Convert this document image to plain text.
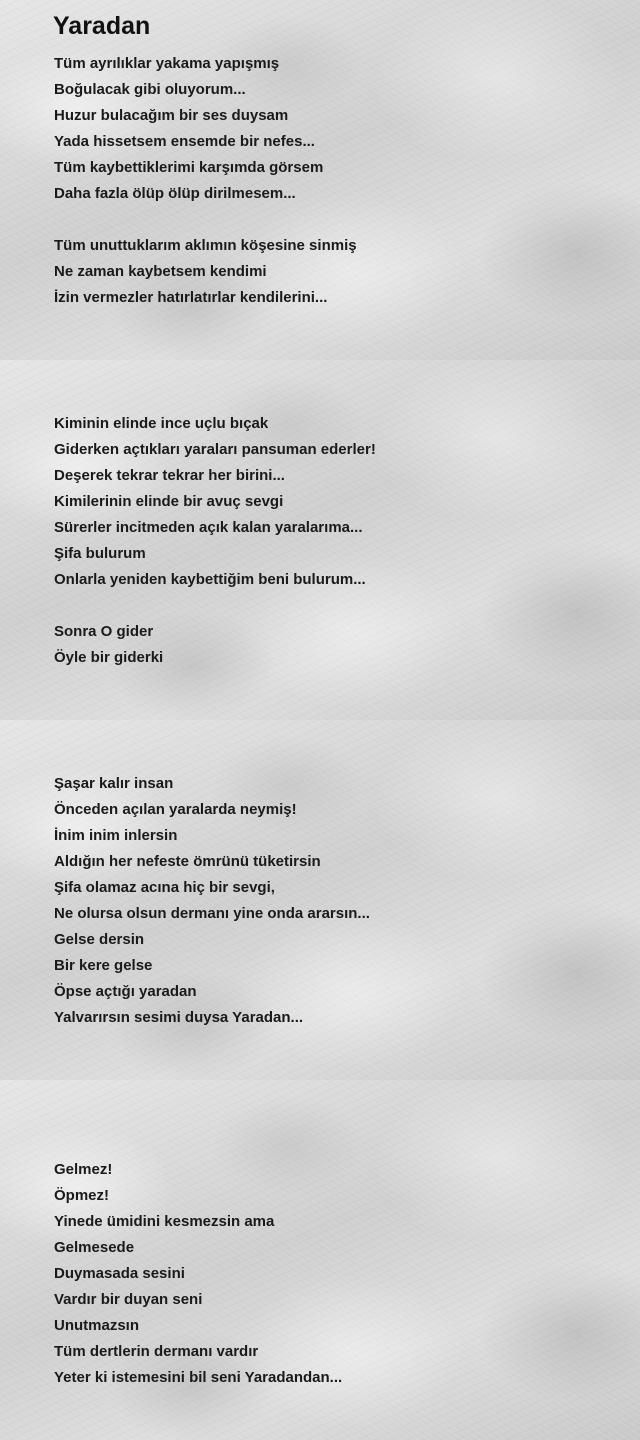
Yaradan
Tüm ayrılıklar yakama yapışmış
Boğulacak gibi oluyorum...
Huzur bulacağım bir ses duysam
Yada hissetsem ensemde bir nefes...
Tüm kaybettiklerimi karşımda görsem
Daha fazla ölüp ölüp dirilmesem...
Tüm unuttuklarım aklımın köşesine sinmiş
Ne zaman kaybetsem kendimi
İzin vermezler hatırlatırlar kendilerini...
Kiminin elinde ince uçlu bıçak
Giderken açtıkları yaraları pansuman ederler!
Deşerek tekrar tekrar her birini...
Kimilerinin elinde bir avuç sevgi
Sürerler incitmeden açık kalan yaralarıma...
Şifa bulurum
Onlarla yeniden kaybettiğim beni bulurum...
Sonra O gider
Öyle bir giderki
Şaşar kalır insan
Önceden açılan yaralarda neymiş!
İnim inim inlersin
Aldığın her nefeste ömrünü tüketirsin
Şifa olamaz acına hiç bir sevgi,
Ne olursa olsun dermanı yine onda ararsın...
Gelse dersin
Bir kere gelse
Öpse açtığı yaradan
Yalvarırsın sesimi duysa Yaradan...
Gelmez!
Öpmez!
Yinede ümidini kesmezsin ama
Gelmesede
Duymasada sesini
Vardır bir duyan seni
Unutmazsın
Tüm dertlerin dermanı vardır
Yeter ki istemesini bil seni Yaradandan...
